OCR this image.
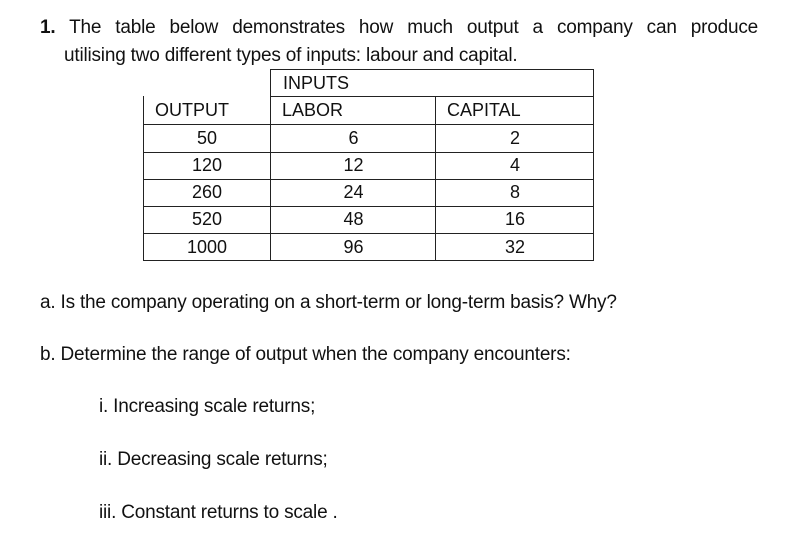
1. The table below demonstrates how much output a company can produce
utilising two different types of inputs: labour and capital.
INPUTS
OUTPUT	LABOR	CAPITAL
50	6	2
120	12	4
260	24	8
520	48	16
1000	96	32
a. Is the company operating on a short-term or long-term basis? Why?
b. Determine the range of output when the company encounters:
i. Increasing scale returns;
ii. Decreasing scale returns;
iii. Constant returns to scale .
